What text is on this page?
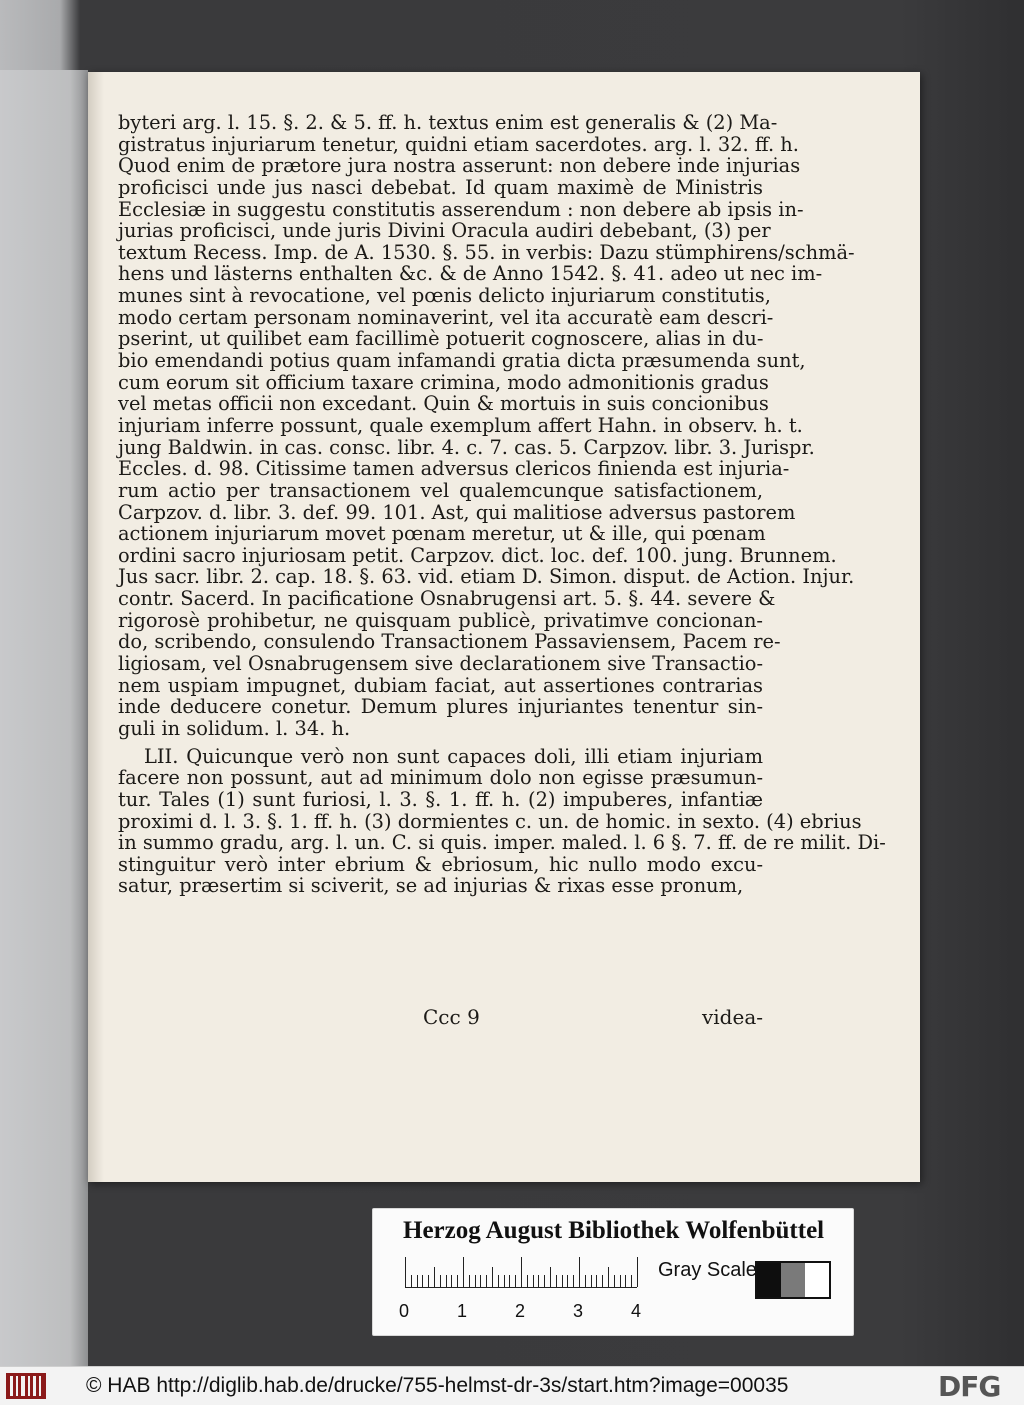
byteri arg. l. 15. §. 2. & 5. ff. h. textus enim est generalis & (2) Ma-
gistratus injuriarum tenetur, quidni etiam sacerdotes. arg. l. 32. ff. h.
Quod enim de prætore jura nostra asserunt: non debere inde injurias
proficisci unde jus nasci debebat. Id quam maximè de Ministris
Ecclesiæ in suggestu constitutis asserendum : non debere ab ipsis in-
jurias proficisci, unde juris Divini Oracula audiri debebant, (3) per
textum Recess. Imp. de A. 1530. §. 55. in verbis: Dazu stümphirens/schmä-
hens und lästerns enthalten &c. & de Anno 1542. §. 41. adeo ut nec im-
munes sint à revocatione, vel pœnis delicto injuriarum constitutis,
modo certam personam nominaverint, vel ita accuratè eam descri-
pserint, ut quilibet eam facillimè potuerit cognoscere, alias in du-
bio emendandi potius quam infamandi gratia dicta præsumenda sunt,
cum eorum sit officium taxare crimina, modo admonitionis gradus
vel metas officii non excedant. Quin & mortuis in suis concionibus
injuriam inferre possunt, quale exemplum affert Hahn. in observ. h. t.
jung Baldwin. in cas. consc. libr. 4. c. 7. cas. 5. Carpzov. libr. 3. Jurispr.
Eccles. d. 98. Citissime tamen adversus clericos finienda est injuria-
rum actio per transactionem vel qualemcunque satisfactionem,
Carpzov. d. libr. 3. def. 99. 101. Ast, qui malitiose adversus pastorem
actionem injuriarum movet pœnam meretur, ut & ille, qui pœnam
ordini sacro injuriosam petit. Carpzov. dict. loc. def. 100. jung. Brunnem.
Jus sacr. libr. 2. cap. 18. §. 63. vid. etiam D. Simon. disput. de Action. Injur.
contr. Sacerd. In pacificatione Osnabrugensi art. 5. §. 44. severe &
rigorosè prohibetur, ne quisquam publicè, privatimve concionan-
do, scribendo, consulendo Transactionem Passaviensem, Pacem re-
ligiosam, vel Osnabrugensem sive declarationem sive Transactio-
nem uspiam impugnet, dubiam faciat, aut assertiones contrarias
inde deducere conetur. Demum plures injuriantes tenentur sin-
guli in solidum. l. 34. h.
LII. Quicunque verò non sunt capaces doli, illi etiam injuriam
facere non possunt, aut ad minimum dolo non egisse præsumun-
tur. Tales (1) sunt furiosi, l. 3. §. 1. ff. h. (2) impuberes, infantiæ
proximi d. l. 3. §. 1. ff. h. (3) dormientes c. un. de homic. in sexto. (4) ebrius
in summo gradu, arg. l. un. C. si quis. imper. maled. l. 6 §. 7. ff. de re milit. Di-
stinguitur verò inter ebrium & ebriosum, hic nullo modo excu-
satur, præsertim si sciverit, se ad injurias & rixas esse pronum,
Ccc 9	videa-
Herzog August Bibliothek Wolfenbüttel
0	1	2	3	4
Gray Scale
© HAB http://diglib.hab.de/drucke/755-helmst-dr-3s/start.htm?image=00035	DFG
